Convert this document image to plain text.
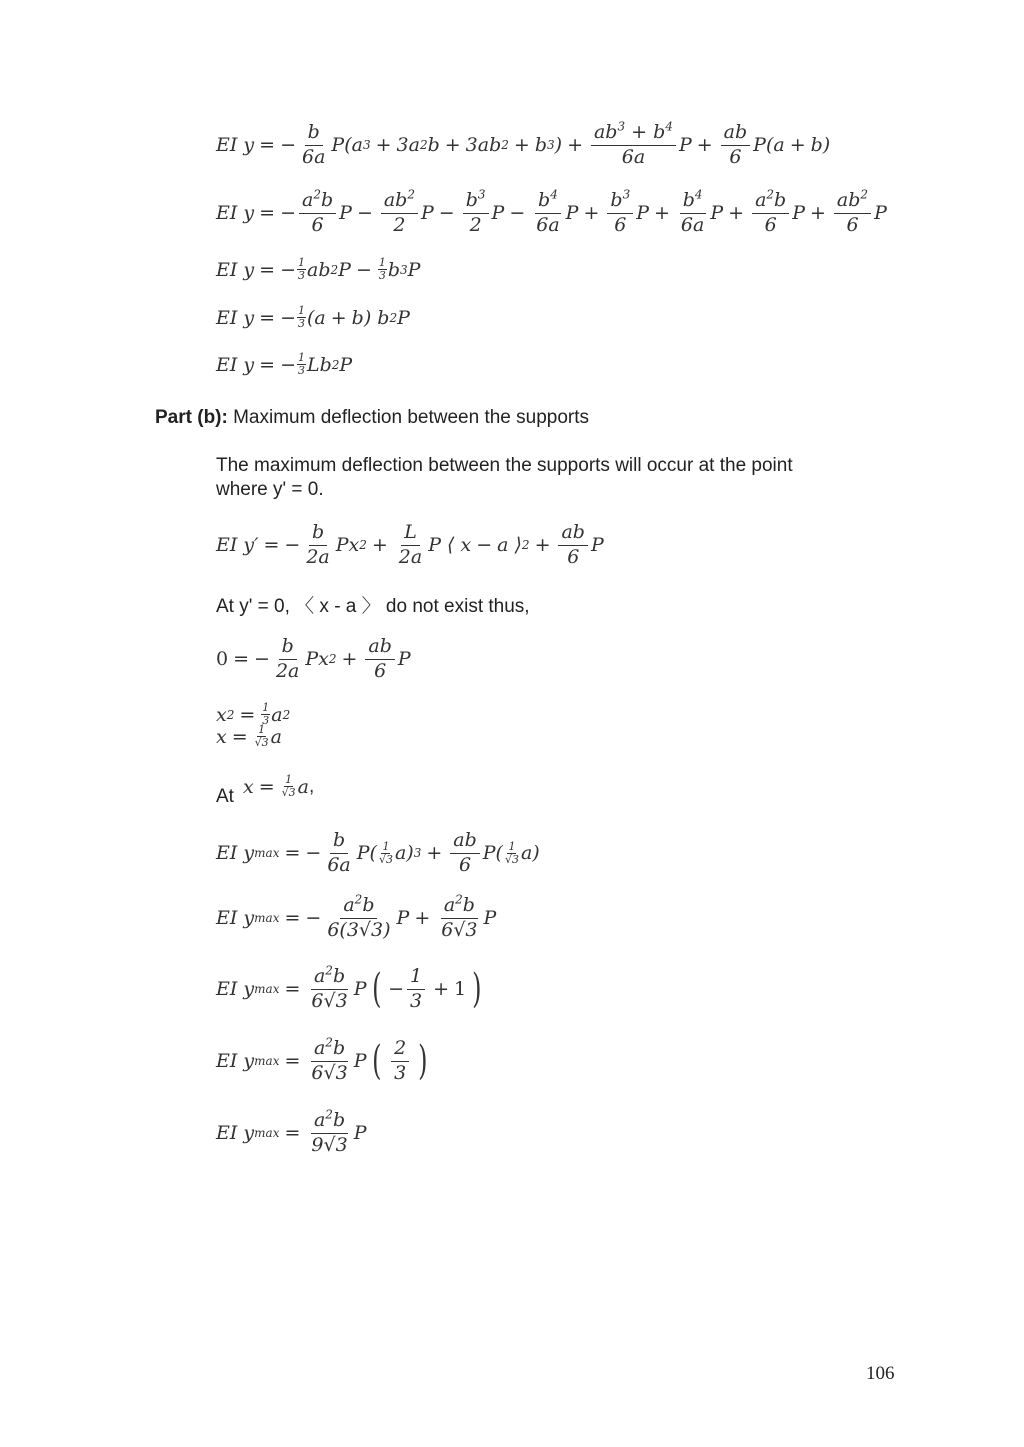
EI y = − $\frac{b}{6a} P(a$ 3 + 3a 2 b + 3ab 2 + b 3 ) + $\frac{ab^3 + b^4}{6a}$ $P + \frac{ab}{6} P(a + b)$
EI y = − $\frac{a^2b}{6}$ $P - \frac{ab^2}{2}$ $P - \frac{b^3}{2}$ $P - \frac{b^4}{6a}$ $P + \frac{b^3}{6}$ $P + \frac{b^4}{6a}$ $P + \frac{a^2b}{6}$ $P + \frac{ab^2}{6}$ P
EI y = − $\frac{1}{3}$ ab 2 $P - \frac{1}{3}$ b 3 P
EI y = − $\frac{1}{3} (a + b)$ b 2 P
EI y = − $\frac{1}{3}$ Lb 2 P
Part (b): Maximum deflection between the supports
The maximum deflection between the supports will occur at the point
where y' = 0.
EI y′ = − $\frac{b}{2a}$ Px $2 + \frac{L}{2a}$ P ⟨ x − a ⟩ $2 + \frac{ab}{6}$ P
At y' = 0, 〈 x - a 〉 do not exist thus,
0 = − $\frac{b}{2a}$ Px $2 + \frac{ab}{6}$ P
x $2 = \frac{1}{3}$ a 2
$x = \frac{1}{√3}$ a
At $x = \frac{1}{√3}$ a ,
EI y max = − $\frac{b}{6a} P( \frac{1}{√3} a) 3 + \frac{ab}{6} P( \frac{1}{√3} a)$
EI y max = − $\frac{a^2b}{6(3√3)}$ $P + \frac{a^2b}{6√3}$ P
EI y $\max = \frac{a^2b}{6√3}$ P ( − $\frac{1}{3} + 1$ )
EI y $\max = \frac{a^2b}{6√3}$ P ( $\frac{2}{3}$ )
EI y $\max = \frac{a^2b}{9√3}$ P
106
